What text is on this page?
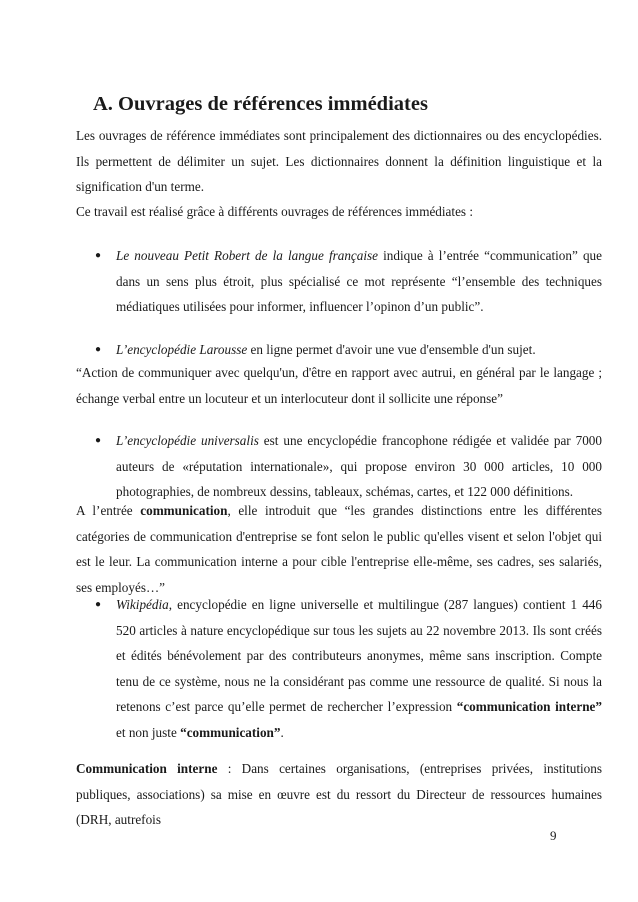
A. Ouvrages de références immédiates

Les ouvrages de référence immédiates sont principalement des dictionnaires ou des encyclopédies. Ils permettent de délimiter un sujet. Les dictionnaires donnent la définition linguistique et la signification d'un terme.

Ce travail est réalisé grâce à différents ouvrages de références immédiates :

● Le nouveau Petit Robert de la langue française indique à l’entrée “communication” que dans un sens plus étroit, plus spécialisé ce mot représente “l’ensemble des techniques médiatiques utilisées pour informer, influencer l’opinon d’un public”.

● L’encyclopédie Larousse en ligne permet d'avoir une vue d'ensemble d'un sujet.

“Action de communiquer avec quelqu'un, d'être en rapport avec autrui, en général par le langage ; échange verbal entre un locuteur et un interlocuteur dont il sollicite une réponse”

● L’encyclopédie universalis est une encyclopédie francophone rédigée et validée par 7000 auteurs de «réputation internationale», qui propose environ 30 000 articles, 10 000 photographies, de nombreux dessins, tableaux, schémas, cartes, et 122 000 définitions.

A l’entrée communication, elle introduit que “les grandes distinctions entre les différentes catégories de communication d'entreprise se font selon le public qu'elles visent et selon l'objet qui est le leur. La communication interne a pour cible l'entreprise elle-même, ses cadres, ses salariés, ses employés…”

● Wikipédia, encyclopédie en ligne universelle et multilingue (287 langues) contient 1 446 520 articles à nature encyclopédique sur tous les sujets au 22 novembre 2013. Ils sont créés et édités bénévolement par des contributeurs anonymes, même sans inscription. Compte tenu de ce système, nous ne la considérant pas comme une ressource de qualité. Si nous la retenons c’est parce qu’elle permet de rechercher l’expression “communication interne” et non juste “communication”.

Communication interne : Dans certaines organisations, (entreprises privées, institutions publiques, associations) sa mise en œuvre est du ressort du Directeur de ressources humaines (DRH, autrefois

9
